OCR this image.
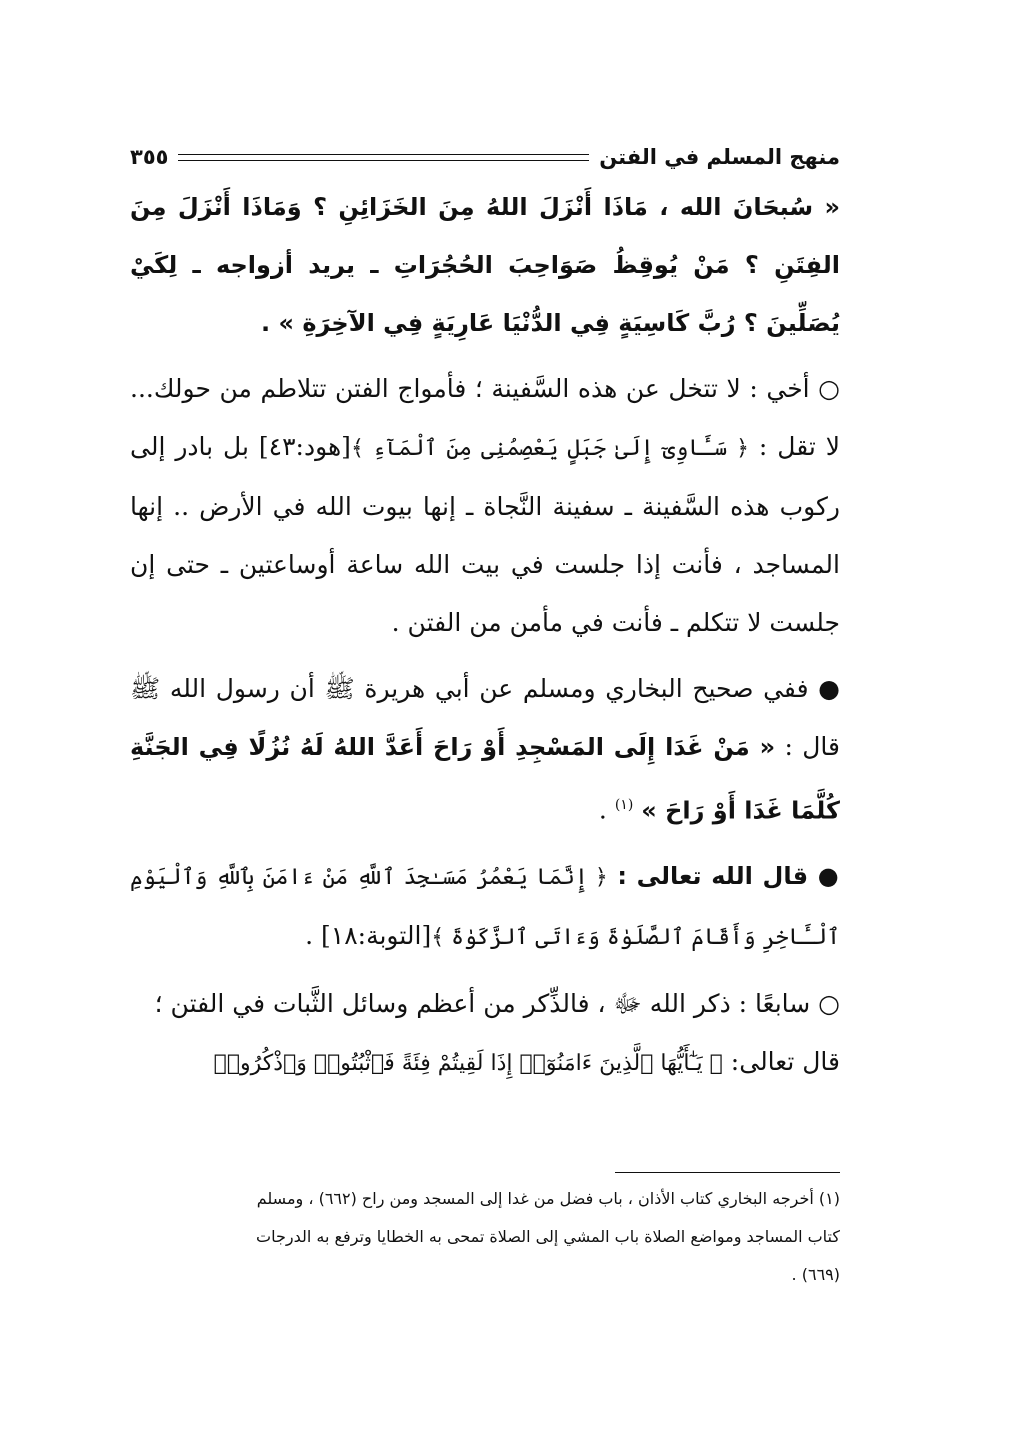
منهج المسلم في الفتن
٣٥٥

« سُبحَانَ الله ، مَاذَا أَنْزَلَ اللهُ مِنَ الخَزَائِنِ ؟ وَمَاذَا أَنْزَلَ مِنَ الفِتَنِ ؟ مَنْ يُوقِظُ صَوَاحِبَ الحُجُرَاتِ ـ يريد أزواجه ـ لِكَيْ يُصَلِّينَ ؟ رُبَّ كَاسِيَةٍ فِي الدُّنْيَا عَارِيَةٍ فِي الآخِرَةِ » .

○ أخي : لا تتخل عن هذه السَّفينة ؛ فأمواج الفتن تتلاطم من حولك... لا تقل : ﴿ سَـَٔاوِىٓ إِلَىٰ جَبَلٍ يَعْصِمُنِى مِنَ ٱلْمَآءِ ﴾[هود:٤٣] بل بادر إلى ركوب هذه السَّفينة ـ سفينة النَّجاة ـ إنها بيوت الله في الأرض .. إنها المساجد ، فأنت إذا جلست في بيت الله ساعة أوساعتين ـ حتى إن جلست لا تتكلم ـ فأنت في مأمن من الفتن .

● ففي صحيح البخاري ومسلم عن أبي هريرة ﷺ أن رسول الله ﷺ قال : « مَنْ غَدَا إِلَى المَسْجِدِ أَوْ رَاحَ أَعَدَّ اللهُ لَهُ نُزُلًا فِي الجَنَّةِ كُلَّمَا غَدَا أَوْ رَاحَ » $^{(١)}$ .

● قال الله تعالى : ﴿ إِنَّمَا يَعْمُرُ مَسَـٰجِدَ ٱللَّهِ مَنْ ءَامَنَ بِٱللَّهِ وَٱلْيَوْمِ ٱلْـَٔاخِرِ وَأَقَامَ ٱلصَّلَوٰةَ وَءَاتَى ٱلزَّكَوٰةَ ﴾[التوبة:١٨] .

○ سابعًا : ذكر الله ﷻ ، فالذِّكر من أعظم وسائل الثَّبات في الفتن ؛

قال تعالى: ﴿ يَـٰٓأَيُّهَا ٱلَّذِينَ ءَامَنُوٓا۟ إِذَا لَقِيتُمْ فِئَةً فَٱثْبُتُوا۟ وَٱذْكُرُوا۟

(١) أخرجه البخاري كتاب الأذان ، باب فضل من غدا إلى المسجد ومن راح (٦٦٢) ، ومسلم

كتاب المساجد ومواضع الصلاة باب المشي إلى الصلاة تمحى به الخطايا وترفع به الدرجات

(٦٦٩) .
